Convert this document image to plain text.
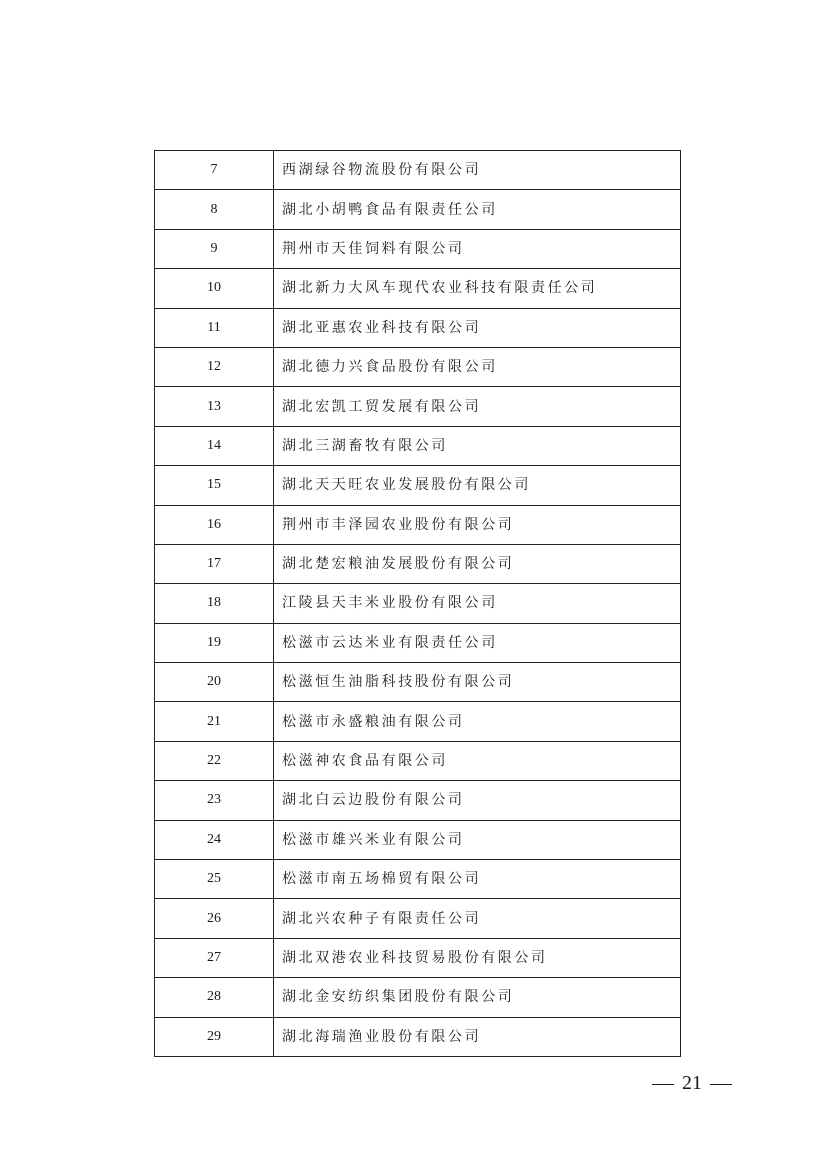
7	西湖绿谷物流股份有限公司
8	湖北小胡鸭食品有限责任公司
9	荆州市天佳饲料有限公司
10	湖北新力大风车现代农业科技有限责任公司
11	湖北亚惠农业科技有限公司
12	湖北德力兴食品股份有限公司
13	湖北宏凯工贸发展有限公司
14	湖北三湖畜牧有限公司
15	湖北天天旺农业发展股份有限公司
16	荆州市丰泽园农业股份有限公司
17	湖北楚宏粮油发展股份有限公司
18	江陵县天丰米业股份有限公司
19	松滋市云达米业有限责任公司
20	松滋恒生油脂科技股份有限公司
21	松滋市永盛粮油有限公司
22	松滋神农食品有限公司
23	湖北白云边股份有限公司
24	松滋市雄兴米业有限公司
25	松滋市南五场棉贸有限公司
26	湖北兴农种子有限责任公司
27	湖北双港农业科技贸易股份有限公司
28	湖北金安纺织集团股份有限公司
29	湖北海瑞渔业股份有限公司
21
